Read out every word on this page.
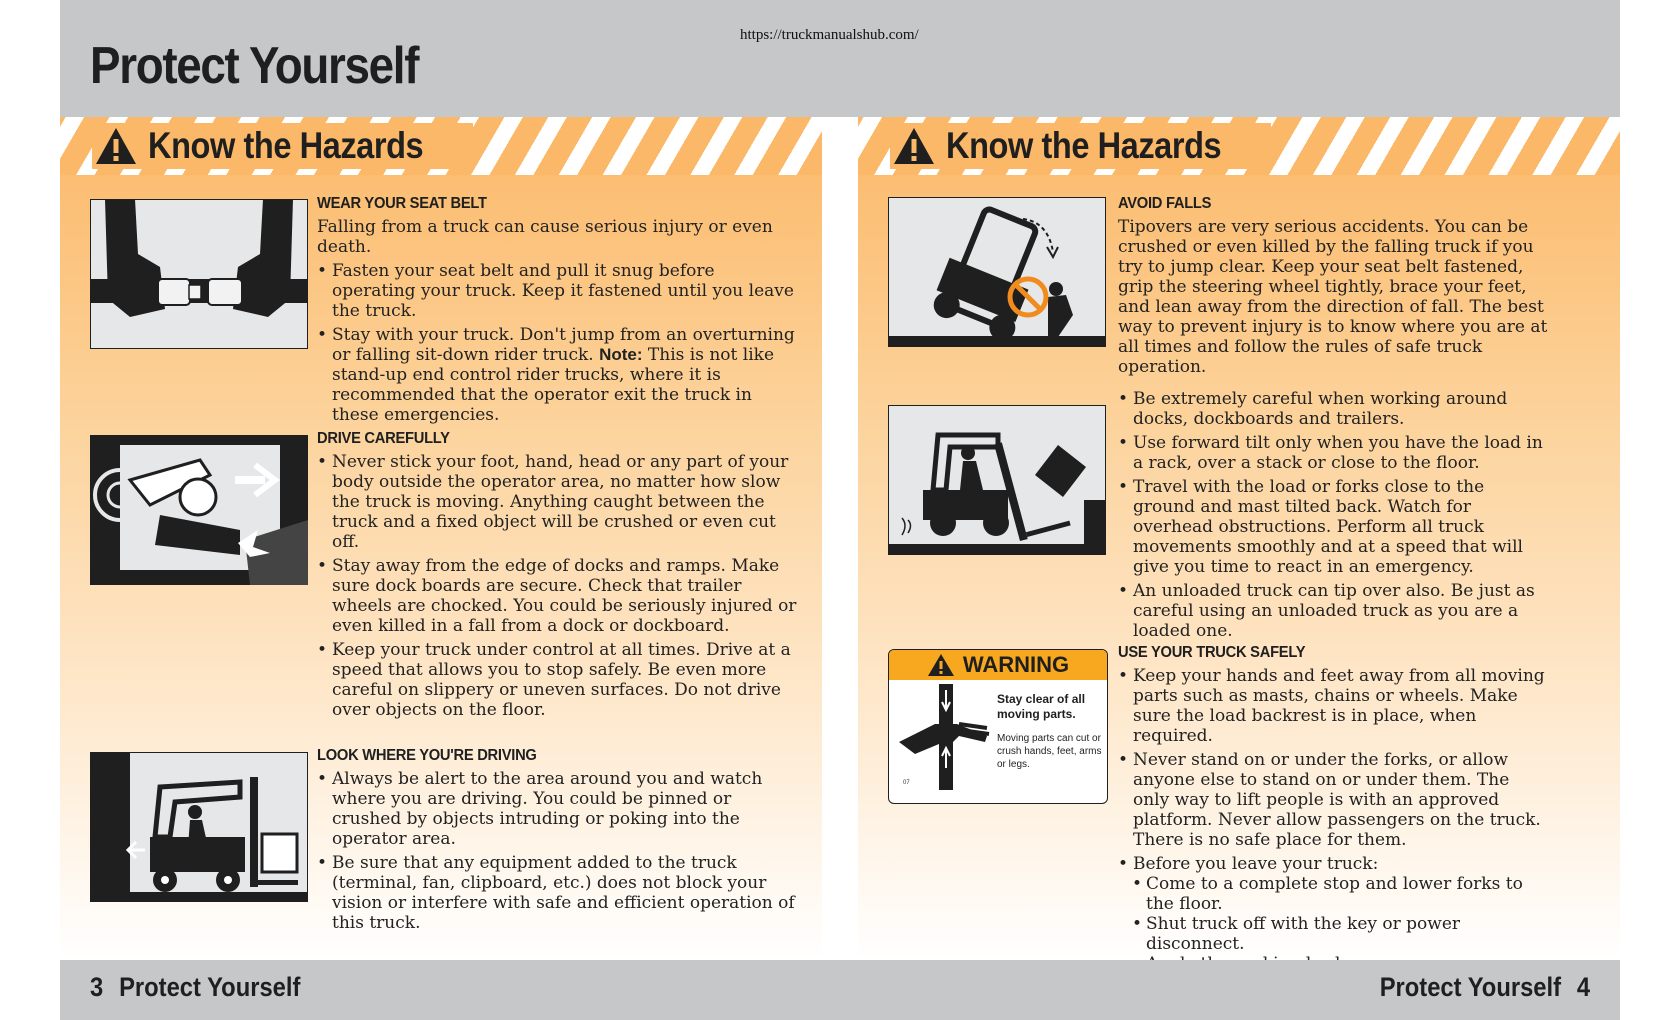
Protect Yourself
https://truckmanualshub.com/
Know the Hazards
WEAR YOUR SEAT BELT

Falling from a truck can cause serious injury or even death.

• Fasten your seat belt and pull it snug before operating your truck. Keep it fastened until you leave the truck.
• Stay with your truck. Don't jump from an overturning or falling sit-down rider truck. Note: This is not like stand-up end control rider trucks, where it is recommended that the operator exit the truck in these emergencies.
DRIVE CAREFULLY
• Never stick your foot, hand, head or any part of your body outside the operator area, no matter how slow the truck is moving. Anything caught between the truck and a fixed object will be crushed or even cut off.
• Stay away from the edge of docks and ramps. Make sure dock boards are secure. Check that trailer wheels are chocked. You could be seriously injured or even killed in a fall from a dock or dockboard.
• Keep your truck under control at all times. Drive at a speed that allows you to stop safely. Be even more careful on slippery or uneven surfaces. Do not drive over objects on the floor.
LOOK WHERE YOU'RE DRIVING
• Always be alert to the area around you and watch where you are driving. You could be pinned or crushed by objects intruding or poking into the operator area.
• Be sure that any equipment added to the truck (terminal, fan, clipboard, etc.) does not block your vision or interfere with safe and efficient operation of this truck.
Know the Hazards
WARNING
Stay clear of all moving parts.
Moving parts can cut or crush hands, feet, arms or legs.
07
AVOID FALLS

Tipovers are very serious accidents. You can be crushed or even killed by the falling truck if you try to jump clear. Keep your seat belt fastened, grip the steering wheel tightly, brace your feet, and lean away from the direction of fall. The best way to prevent injury is to know where you are at all times and follow the rules of safe truck operation.

• Be extremely careful when working around docks, dockboards and trailers.
• Use forward tilt only when you have the load in a rack, over a stack or close to the floor.
• Travel with the load or forks close to the ground and mast tilted back. Watch for overhead obstructions. Perform all truck movements smoothly and at a speed that will give you time to react in an emergency.
• An unloaded truck can tip over also. Be just as careful using an unloaded truck as you are a loaded one.
USE YOUR TRUCK SAFELY
• Keep your hands and feet away from all moving parts such as masts, chains or wheels. Make sure the load backrest is in place, when required.
• Never stand on or under the forks, or allow anyone else to stand on or under them. The only way to lift people is with an approved platform. Never allow passengers on the truck. There is no safe place for them.
• Before you leave your truck:
• Come to a complete stop and lower forks to the floor.
• Shut truck off with the key or power disconnect.
•
3 Protect Yourself	Protect Yourself 4
